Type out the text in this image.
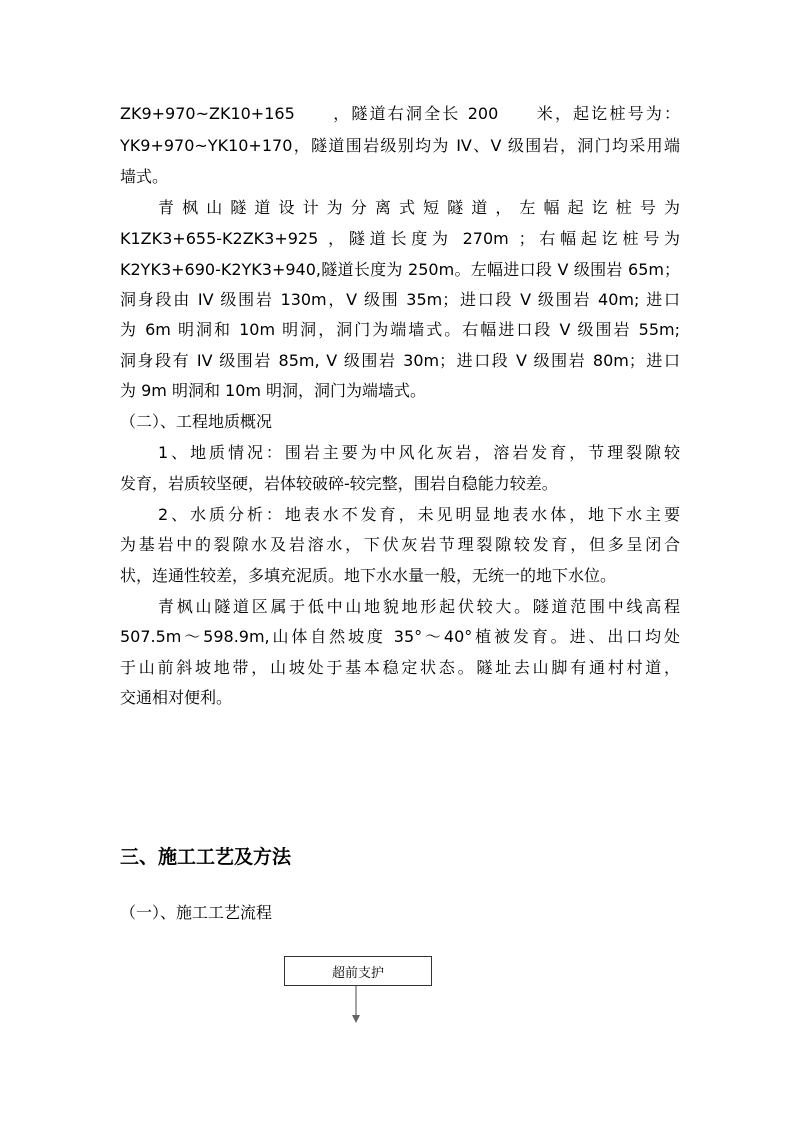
ZK9+970~ZK10+165　　，隧道右洞全长 200　　米，起讫桩号为：
YK9+970~YK10+170，隧道围岩级别均为 IV、V 级围岩，洞门均采用端
墙式。
青枫山隧道设计为分离式短隧道，左幅起讫桩号为
K1ZK3+655-K2ZK3+925 ，隧道长度为 270m ；右幅起讫桩号为
K2YK3+690-K2YK3+940,隧道长度为 250m。左幅进口段 V 级围岩 65m；
洞身段由 IV 级围岩 130m，V 级围 35m；进口段 V 级围岩 40m; 进口
为 6m 明洞和 10m 明洞，洞门为端墙式。右幅进口段 V 级围岩 55m;
洞身段有 IV 级围岩 85m, V 级围岩 30m；进口段 V 级围岩 80m；进口
为 9m 明洞和 10m 明洞，洞门为端墙式。
（二）、工程地质概况
1、地质情况：围岩主要为中风化灰岩，溶岩发育，节理裂隙较
发育，岩质较坚硬，岩体较破碎-较完整，围岩自稳能力较差。
2、水质分析：地表水不发育，未见明显地表水体，地下水主要
为基岩中的裂隙水及岩溶水，下伏灰岩节理裂隙较发育，但多呈闭合
状，连通性较差，多填充泥质。地下水水量一般，无统一的地下水位。
青枫山隧道区属于低中山地貌地形起伏较大。隧道范围中线高程
507.5m～598.9m,山体自然坡度 35°～40°植被发育。进、出口均处
于山前斜坡地带，山坡处于基本稳定状态。隧址去山脚有通村村道，
交通相对便利。
三、施工工艺及方法
（一）、施工工艺流程
超前支护
